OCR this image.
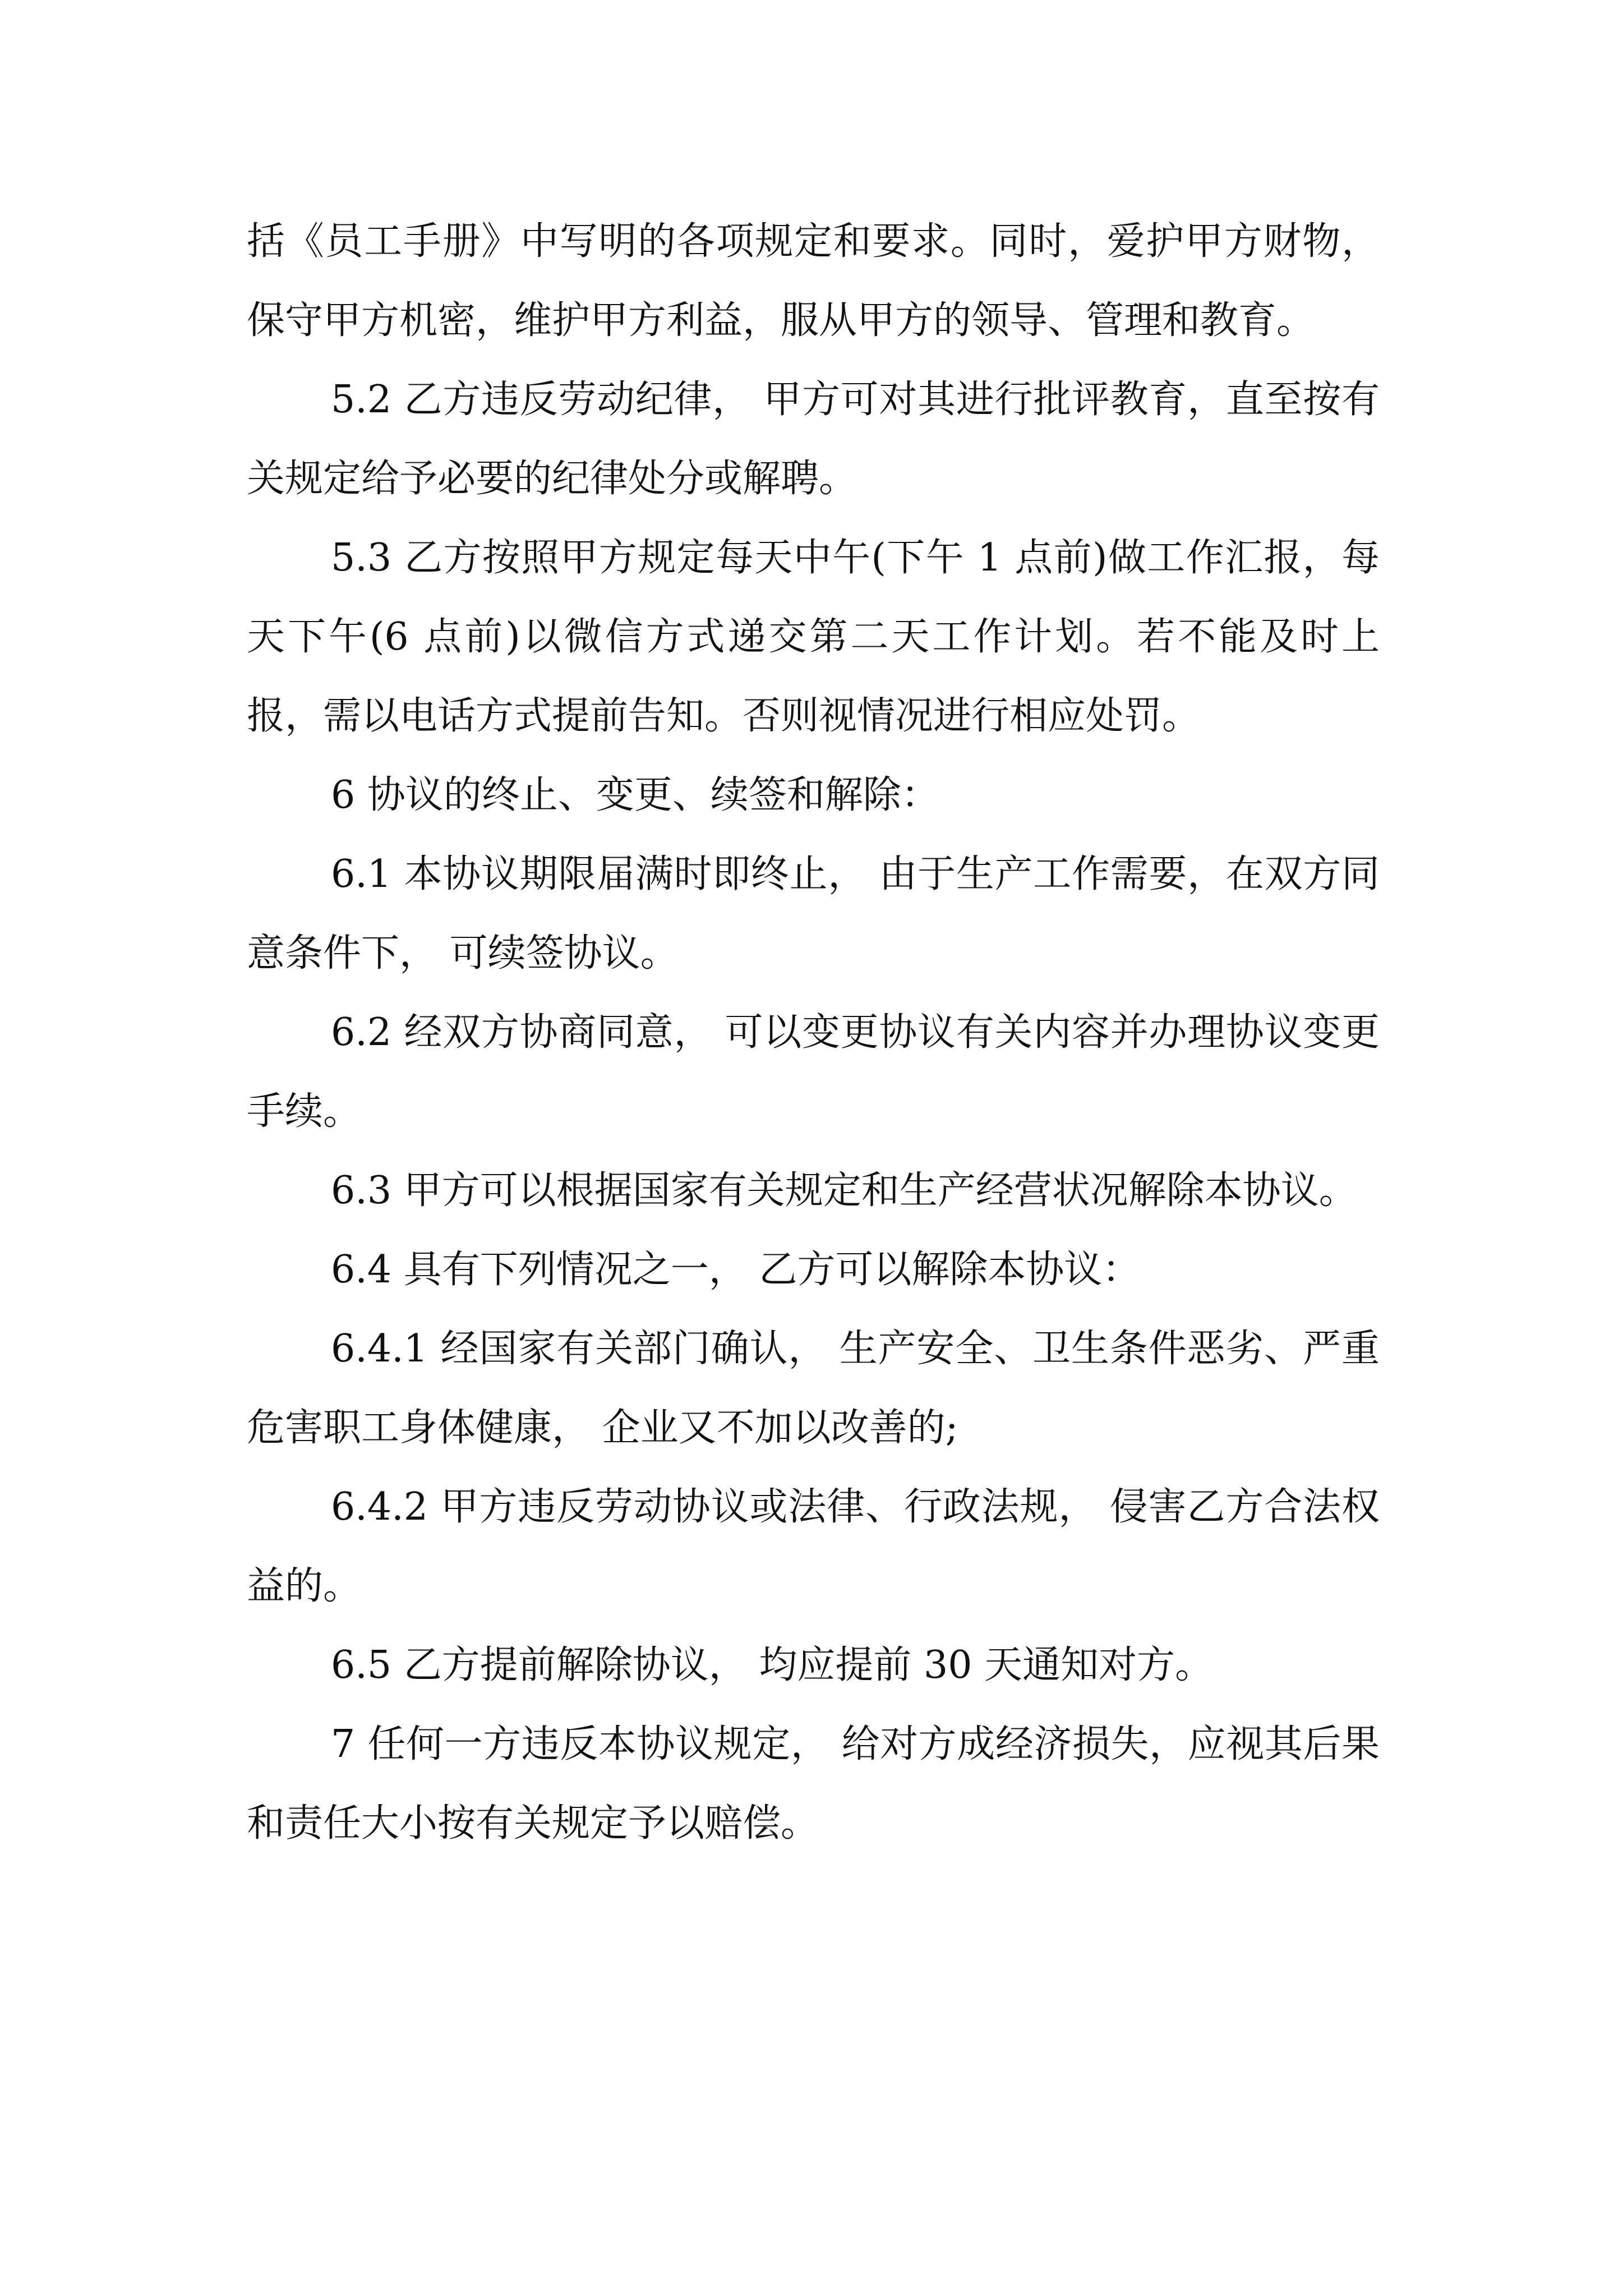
括《员工手册》中写明的各项规定和要求。同时，爱护甲方财物，保守甲方机密，维护甲方利益，服从甲方的领导、管理和教育。

5.2 乙方违反劳动纪律， 甲方可对其进行批评教育，直至按有关规定给予必要的纪律处分或解聘。

5.3 乙方按照甲方规定每天中午(下午 1 点前)做工作汇报，每天下午(6 点前)以微信方式递交第二天工作计划。若不能及时上报，需以电话方式提前告知。否则视情况进行相应处罚。

6 协议的终止、变更、续签和解除：

6.1 本协议期限届满时即终止， 由于生产工作需要，在双方同意条件下， 可续签协议。

6.2 经双方协商同意， 可以变更协议有关内容并办理协议变更手续。

6.3 甲方可以根据国家有关规定和生产经营状况解除本协议。

6.4 具有下列情况之一， 乙方可以解除本协议：

6.4.1 经国家有关部门确认， 生产安全、卫生条件恶劣、严重危害职工身体健康， 企业又不加以改善的;

6.4.2 甲方违反劳动协议或法律、行政法规， 侵害乙方合法权益的。

6.5 乙方提前解除协议， 均应提前 30 天通知对方。

7 任何一方违反本协议规定， 给对方成经济损失，应视其后果和责任大小按有关规定予以赔偿。
